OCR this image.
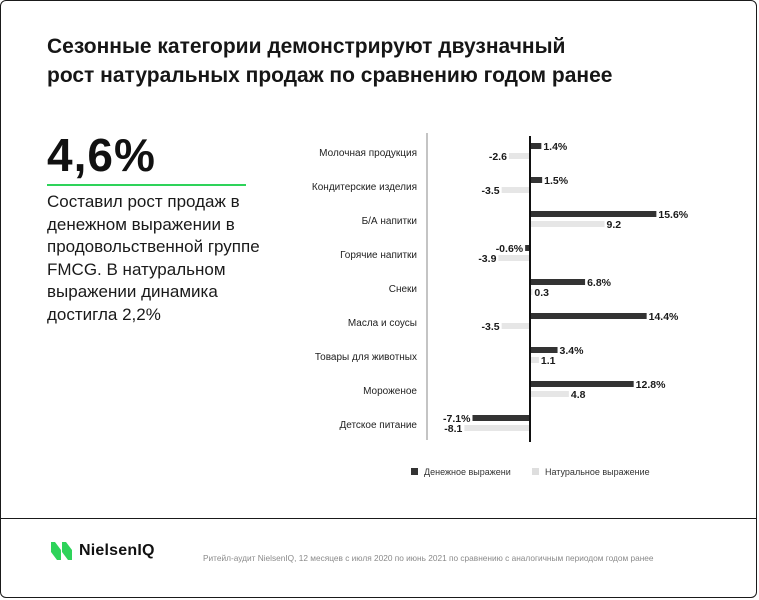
Сезонные категории демонстрируют двузначный
рост натуральных продаж по сравнению годом ранее
4,6%
Составил рост продаж в денежном выражении в продовольственной группе FMCG. В натуральном выражении динамика достигла 2,2%
Молочная продукция
1.4%
-2.6
Кондитерские изделия
1.5%
-3.5
Б/А напитки
15.6%
9.2
Горячие напитки
-0.6%
-3.9
Снеки
6.8%
0.3
Масла и соусы
14.4%
-3.5
Товары для животных
3.4%
1.1
Мороженое
12.8%
4.8
Детское питание
-7.1%
-8.1
Денежное выражени	Натуральное выражение
NielsenIQ	Ритейл-аудит NielsenIQ, 12 месяцев с июля 2020 по июнь 2021 по сравнению с аналогичным периодом годом ранее
